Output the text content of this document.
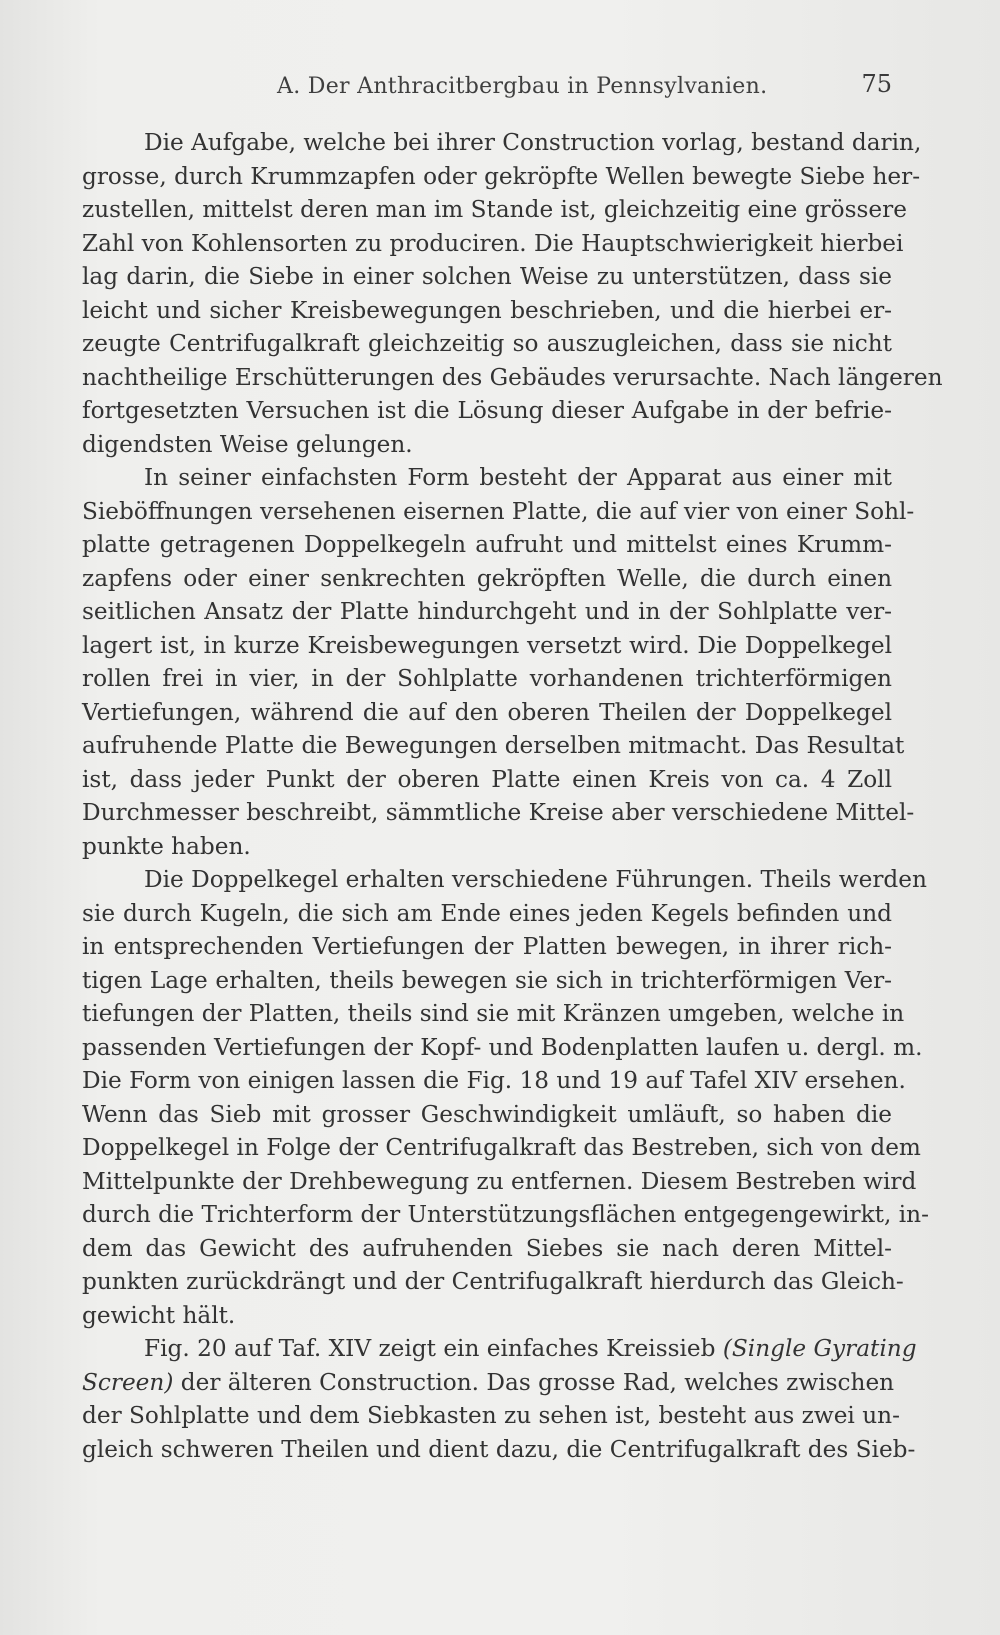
A. Der Anthracitbergbau in Pennsylvanien.	75
Die Aufgabe, welche bei ihrer Construction vorlag, bestand darin,
grosse, durch Krummzapfen oder gekröpfte Wellen bewegte Siebe her-
zustellen, mittelst deren man im Stande ist, gleichzeitig eine grössere
Zahl von Kohlensorten zu produciren. Die Hauptschwierigkeit hierbei
lag darin, die Siebe in einer solchen Weise zu unterstützen, dass sie
leicht und sicher Kreisbewegungen beschrieben, und die hierbei er-
zeugte Centrifugalkraft gleichzeitig so auszugleichen, dass sie nicht
nachtheilige Erschütterungen des Gebäudes verursachte. Nach längeren
fortgesetzten Versuchen ist die Lösung dieser Aufgabe in der befrie-
digendsten Weise gelungen.
In seiner einfachsten Form besteht der Apparat aus einer mit
Sieböffnungen versehenen eisernen Platte, die auf vier von einer Sohl-
platte getragenen Doppelkegeln aufruht und mittelst eines Krumm-
zapfens oder einer senkrechten gekröpften Welle, die durch einen
seitlichen Ansatz der Platte hindurchgeht und in der Sohlplatte ver-
lagert ist, in kurze Kreisbewegungen versetzt wird. Die Doppelkegel
rollen frei in vier, in der Sohlplatte vorhandenen trichterförmigen
Vertiefungen, während die auf den oberen Theilen der Doppelkegel
aufruhende Platte die Bewegungen derselben mitmacht. Das Resultat
ist, dass jeder Punkt der oberen Platte einen Kreis von ca. 4 Zoll
Durchmesser beschreibt, sämmtliche Kreise aber verschiedene Mittel-
punkte haben.
Die Doppelkegel erhalten verschiedene Führungen. Theils werden
sie durch Kugeln, die sich am Ende eines jeden Kegels befinden und
in entsprechenden Vertiefungen der Platten bewegen, in ihrer rich-
tigen Lage erhalten, theils bewegen sie sich in trichterförmigen Ver-
tiefungen der Platten, theils sind sie mit Kränzen umgeben, welche in
passenden Vertiefungen der Kopf- und Bodenplatten laufen u. dergl. m.
Die Form von einigen lassen die Fig. 18 und 19 auf Tafel XIV ersehen.
Wenn das Sieb mit grosser Geschwindigkeit umläuft, so haben die
Doppelkegel in Folge der Centrifugalkraft das Bestreben, sich von dem
Mittelpunkte der Drehbewegung zu entfernen. Diesem Bestreben wird
durch die Trichterform der Unterstützungsflächen entgegengewirkt, in-
dem das Gewicht des aufruhenden Siebes sie nach deren Mittel-
punkten zurückdrängt und der Centrifugalkraft hierdurch das Gleich-
gewicht hält.
Fig. 20 auf Taf. XIV zeigt ein einfaches Kreissieb (Single Gyrating
Screen) der älteren Construction. Das grosse Rad, welches zwischen
der Sohlplatte und dem Siebkasten zu sehen ist, besteht aus zwei un-
gleich schweren Theilen und dient dazu, die Centrifugalkraft des Sieb-
